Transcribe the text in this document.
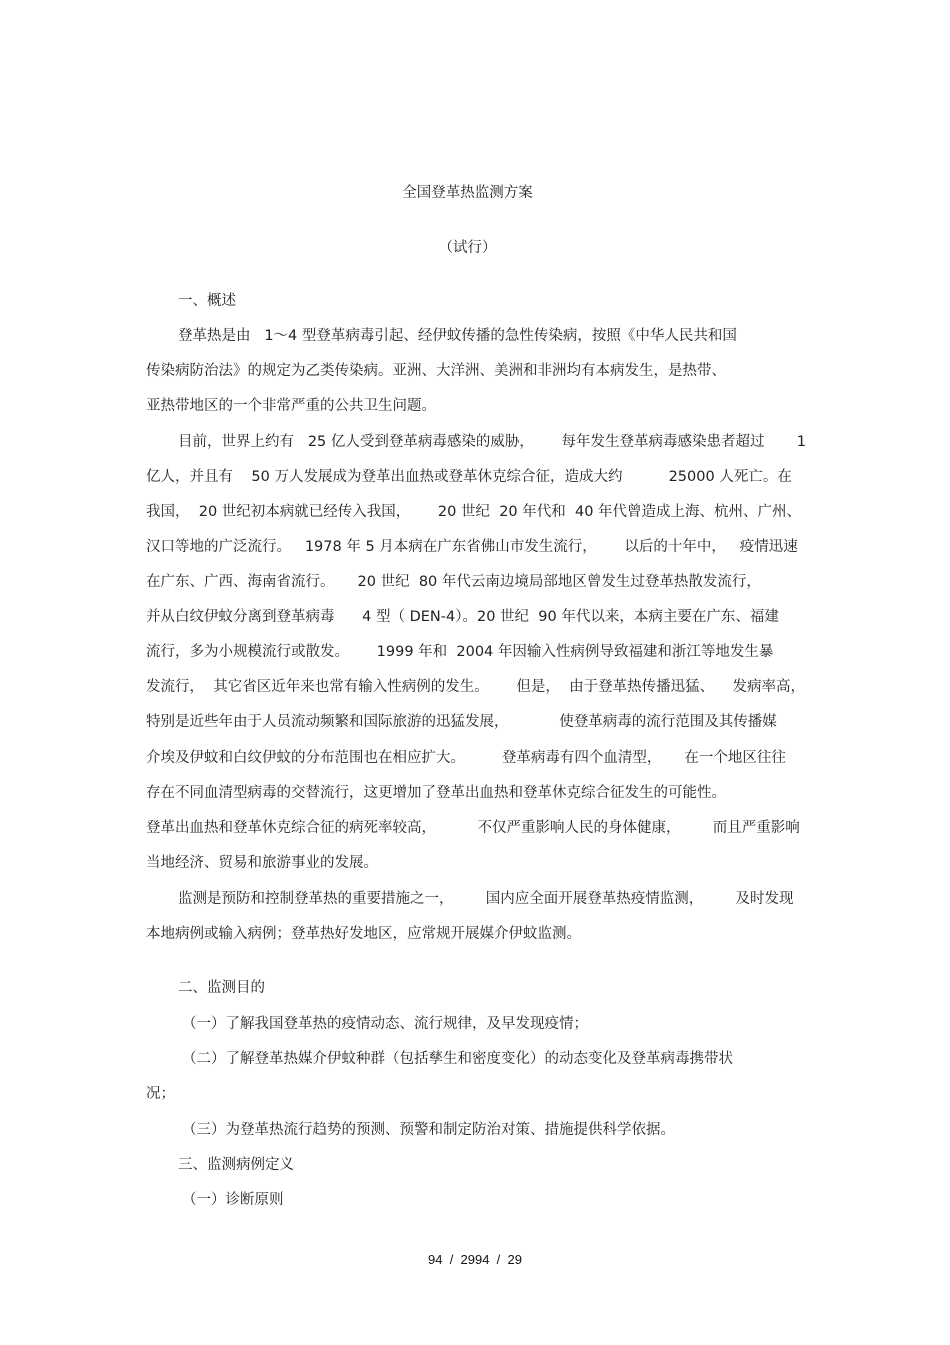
全国登革热监测方案
（试行）
一、概述
登革热是由   1～4 型登革病毒引起、经伊蚊传播的急性传染病，按照《中华人民共和国
传染病防治法》的规定为乙类传染病。亚洲、大洋洲、美洲和非洲均有本病发生，是热带、
亚热带地区的一个非常严重的公共卫生问题。
目前，世界上约有   25 亿人受到登革病毒感染的威胁，      每年发生登革病毒感染患者超过       1
亿人，并且有    50 万人发展成为登革出血热或登革休克综合征，造成大约          25000 人死亡。在
我国，  20 世纪初本病就已经传入我国，      20 世纪  20 年代和  40 年代曾造成上海、杭州、广州、
汉口等地的广泛流行。   1978 年 5 月本病在广东省佛山市发生流行，      以后的十年中，   疫情迅速
在广东、广西、海南省流行。     20 世纪  80 年代云南边境局部地区曾发生过登革热散发流行，
并从白纹伊蚊分离到登革病毒      4 型（ DEN-4）。20 世纪  90 年代以来，本病主要在广东、福建
流行，多为小规模流行或散发。      1999 年和  2004 年因输入性病例导致福建和浙江等地发生暴
发流行，  其它省区近年来也常有输入性病例的发生。      但是，  由于登革热传播迅猛、    发病率高，
特别是近些年由于人员流动频繁和国际旅游的迅猛发展，           使登革病毒的流行范围及其传播媒
介埃及伊蚊和白纹伊蚊的分布范围也在相应扩大。        登革病毒有四个血清型，     在一个地区往往
存在不同血清型病毒的交替流行，这更增加了登革出血热和登革休克综合征发生的可能性。
登革出血热和登革休克综合征的病死率较高，         不仅严重影响人民的身体健康，       而且严重影响
当地经济、贸易和旅游事业的发展。
监测是预防和控制登革热的重要措施之一，       国内应全面开展登革热疫情监测，       及时发现
本地病例或输入病例；登革热好发地区，应常规开展媒介伊蚊监测。
二、监测目的
（一）了解我国登革热的疫情动态、流行规律，及早发现疫情；
（二）了解登革热媒介伊蚊种群（包括孳生和密度变化）的动态变化及登革病毒携带状
况；
（三）为登革热流行趋势的预测、预警和制定防治对策、措施提供科学依据。
三、监测病例定义
（一）诊断原则
94  /  2994  /  29
